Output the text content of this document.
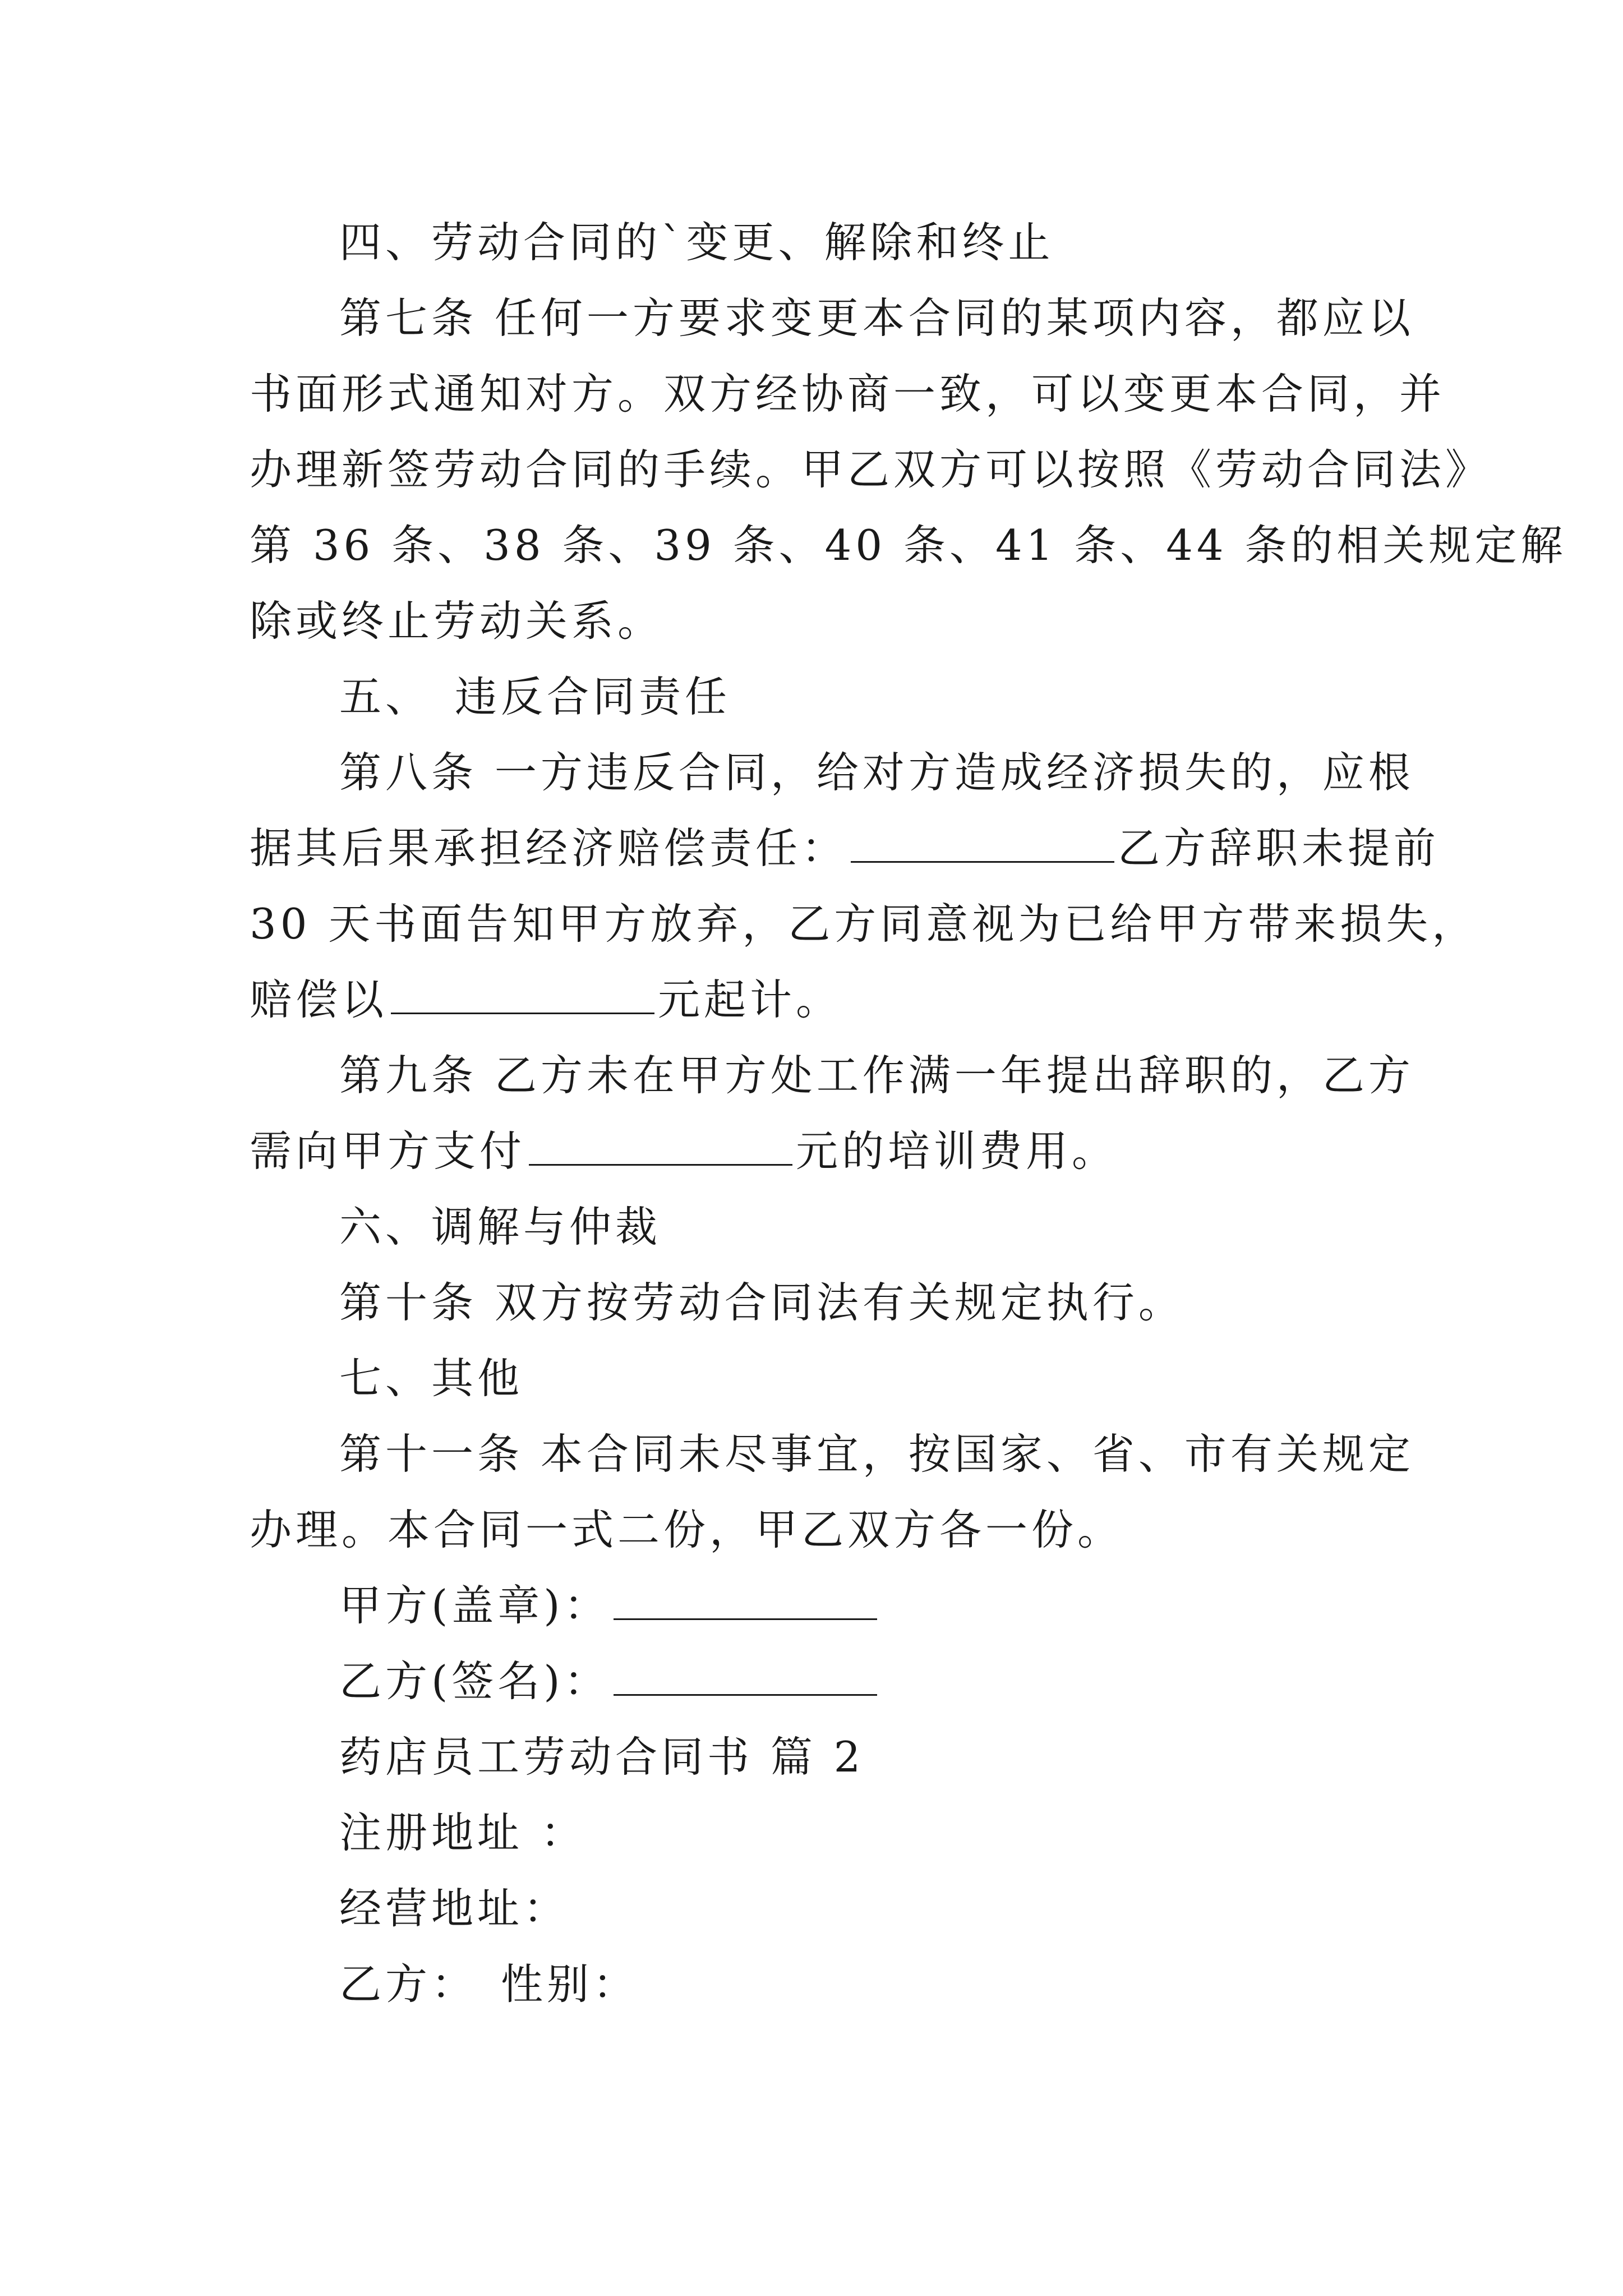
四、劳动合同的`变更、解除和终止
第七条 任何一方要求变更本合同的某项内容，都应以
书面形式通知对方。双方经协商一致，可以变更本合同，并
办理新签劳动合同的手续。甲乙双方可以按照《劳动合同法》
第 36 条、38 条、39 条、40 条、41 条、44 条的相关规定解
除或终止劳动关系。
五、 违反合同责任
第八条 一方违反合同，给对方造成经济损失的，应根
据其后果承担经济赔偿责任：	乙方辞职未提前
30 天书面告知甲方放弃，乙方同意视为已给甲方带来损失，
赔偿以	元起计。
第九条 乙方未在甲方处工作满一年提出辞职的，乙方
需向甲方支付	元的培训费用。
六、调解与仲裁
第十条 双方按劳动合同法有关规定执行。
七、其他
第十一条 本合同未尽事宜，按国家、省、市有关规定
办理。本合同一式二份，甲乙双方各一份。
甲方(盖章)：
乙方(签名)：
药店员工劳动合同书 篇 2
注册地址 ：
经营地址：
乙方： 性别：
